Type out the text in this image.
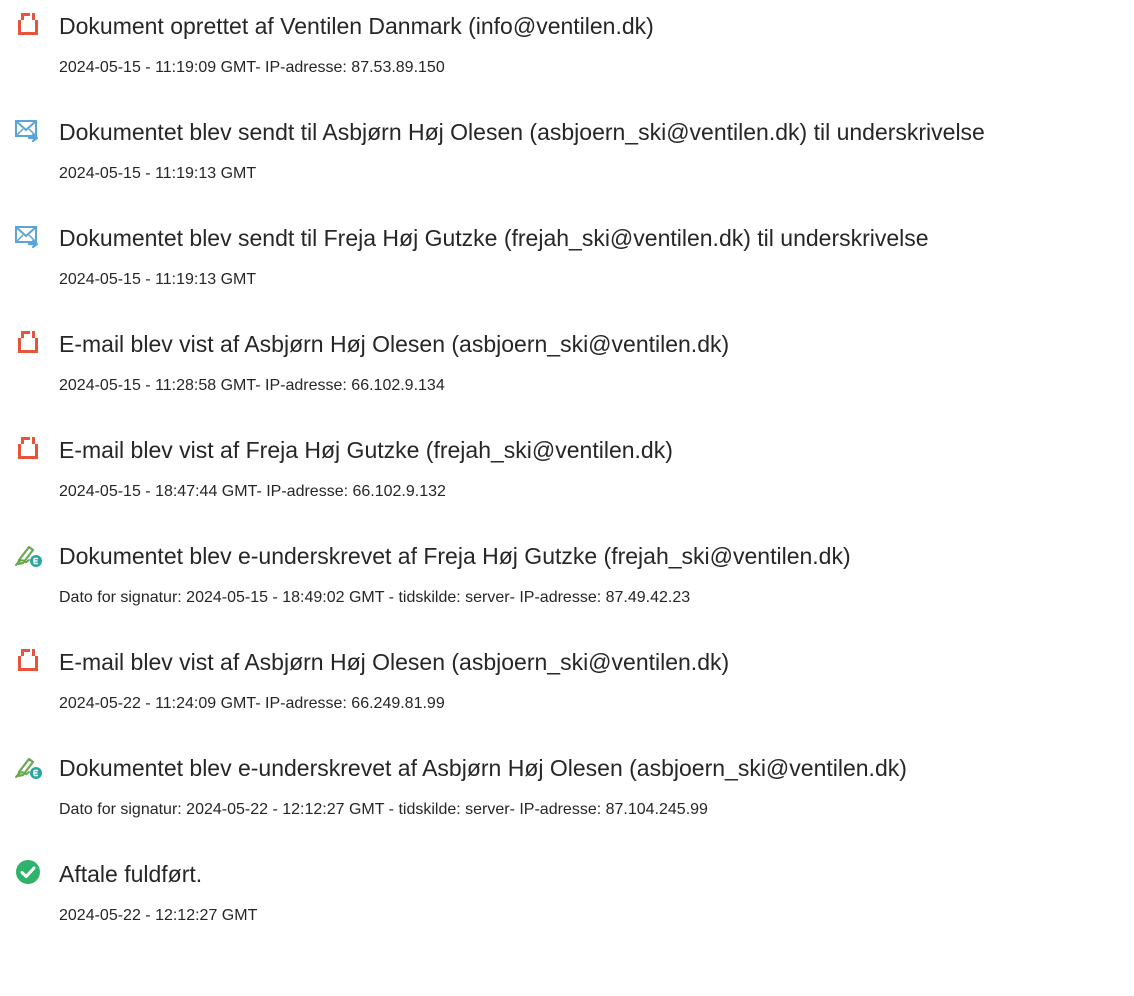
Dokument oprettet af Ventilen Danmark (info@ventilen.dk)
2024-05-15 - 11:19:09 GMT- IP-adresse: 87.53.89.150
Dokumentet blev sendt til Asbjørn Høj Olesen (asbjoern_ski@ventilen.dk) til underskrivelse
2024-05-15 - 11:19:13 GMT
Dokumentet blev sendt til Freja Høj Gutzke (frejah_ski@ventilen.dk) til underskrivelse
2024-05-15 - 11:19:13 GMT
E-mail blev vist af Asbjørn Høj Olesen (asbjoern_ski@ventilen.dk)
2024-05-15 - 11:28:58 GMT- IP-adresse: 66.102.9.134
E-mail blev vist af Freja Høj Gutzke (frejah_ski@ventilen.dk)
2024-05-15 - 18:47:44 GMT- IP-adresse: 66.102.9.132
Dokumentet blev e-underskrevet af Freja Høj Gutzke (frejah_ski@ventilen.dk)
Dato for signatur: 2024-05-15 - 18:49:02 GMT - tidskilde: server- IP-adresse: 87.49.42.23
E-mail blev vist af Asbjørn Høj Olesen (asbjoern_ski@ventilen.dk)
2024-05-22 - 11:24:09 GMT- IP-adresse: 66.249.81.99
Dokumentet blev e-underskrevet af Asbjørn Høj Olesen (asbjoern_ski@ventilen.dk)
Dato for signatur: 2024-05-22 - 12:12:27 GMT - tidskilde: server- IP-adresse: 87.104.245.99
Aftale fuldført.
2024-05-22 - 12:12:27 GMT
